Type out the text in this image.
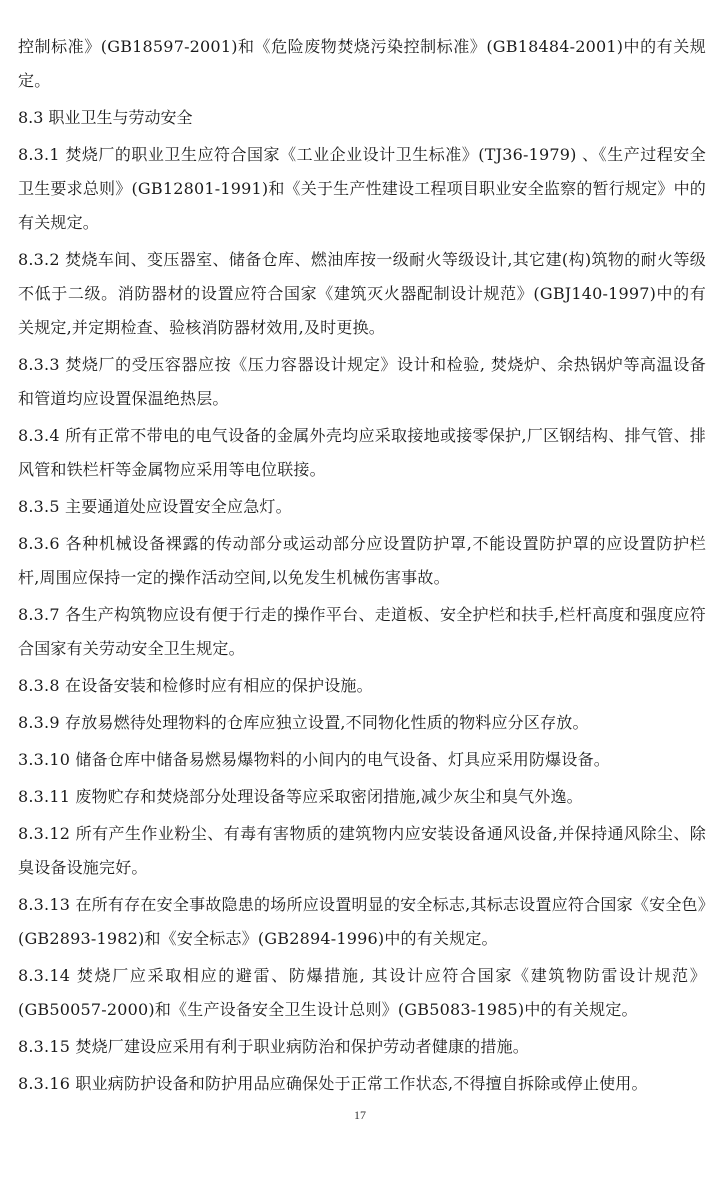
控制标准》(GB18597-2001)和《危险废物焚烧污染控制标准》(GB18484-2001)中的有关规定。

8.3 职业卫生与劳动安全

8.3.1 焚烧厂的职业卫生应符合国家《工业企业设计卫生标准》(TJ36-1979) 、《生产过程安全卫生要求总则》(GB12801-1991)和《关于生产性建设工程项目职业安全监察的暂行规定》中的有关规定。

8.3.2 焚烧车间、变压器室、储备仓库、燃油库按一级耐火等级设计,其它建(构)筑物的耐火等级不低于二级。消防器材的设置应符合国家《建筑灭火器配制设计规范》(GBJ140-1997)中的有关规定,并定期检查、验核消防器材效用,及时更换。

8.3.3 焚烧厂的受压容器应按《压力容器设计规定》设计和检验, 焚烧炉、余热锅炉等高温设备和管道均应设置保温绝热层。

8.3.4 所有正常不带电的电气设备的金属外壳均应采取接地或接零保护,厂区钢结构、排气管、排风管和铁栏杆等金属物应采用等电位联接。

8.3.5 主要通道处应设置安全应急灯。

8.3.6 各种机械设备裸露的传动部分或运动部分应设置防护罩,不能设置防护罩的应设置防护栏杆,周围应保持一定的操作活动空间,以免发生机械伤害事故。

8.3.7 各生产构筑物应设有便于行走的操作平台、走道板、安全护栏和扶手,栏杆高度和强度应符合国家有关劳动安全卫生规定。

8.3.8 在设备安装和检修时应有相应的保护设施。

8.3.9 存放易燃待处理物料的仓库应独立设置,不同物化性质的物料应分区存放。

3.3.10 储备仓库中储备易燃易爆物料的小间内的电气设备、灯具应采用防爆设备。

8.3.11 废物贮存和焚烧部分处理设备等应采取密闭措施,减少灰尘和臭气外逸。

8.3.12 所有产生作业粉尘、有毒有害物质的建筑物内应安装设备通风设备,并保持通风除尘、除臭设备设施完好。

8.3.13 在所有存在安全事故隐患的场所应设置明显的安全标志,其标志设置应符合国家《安全色》(GB2893-1982)和《安全标志》(GB2894-1996)中的有关规定。

8.3.14 焚烧厂应采取相应的避雷、防爆措施, 其设计应符合国家《建筑物防雷设计规范》(GB50057-2000)和《生产设备安全卫生设计总则》(GB5083-1985)中的有关规定。

8.3.15 焚烧厂建设应采用有利于职业病防治和保护劳动者健康的措施。

8.3.16 职业病防护设备和防护用品应确保处于正常工作状态,不得擅自拆除或停止使用。

17
